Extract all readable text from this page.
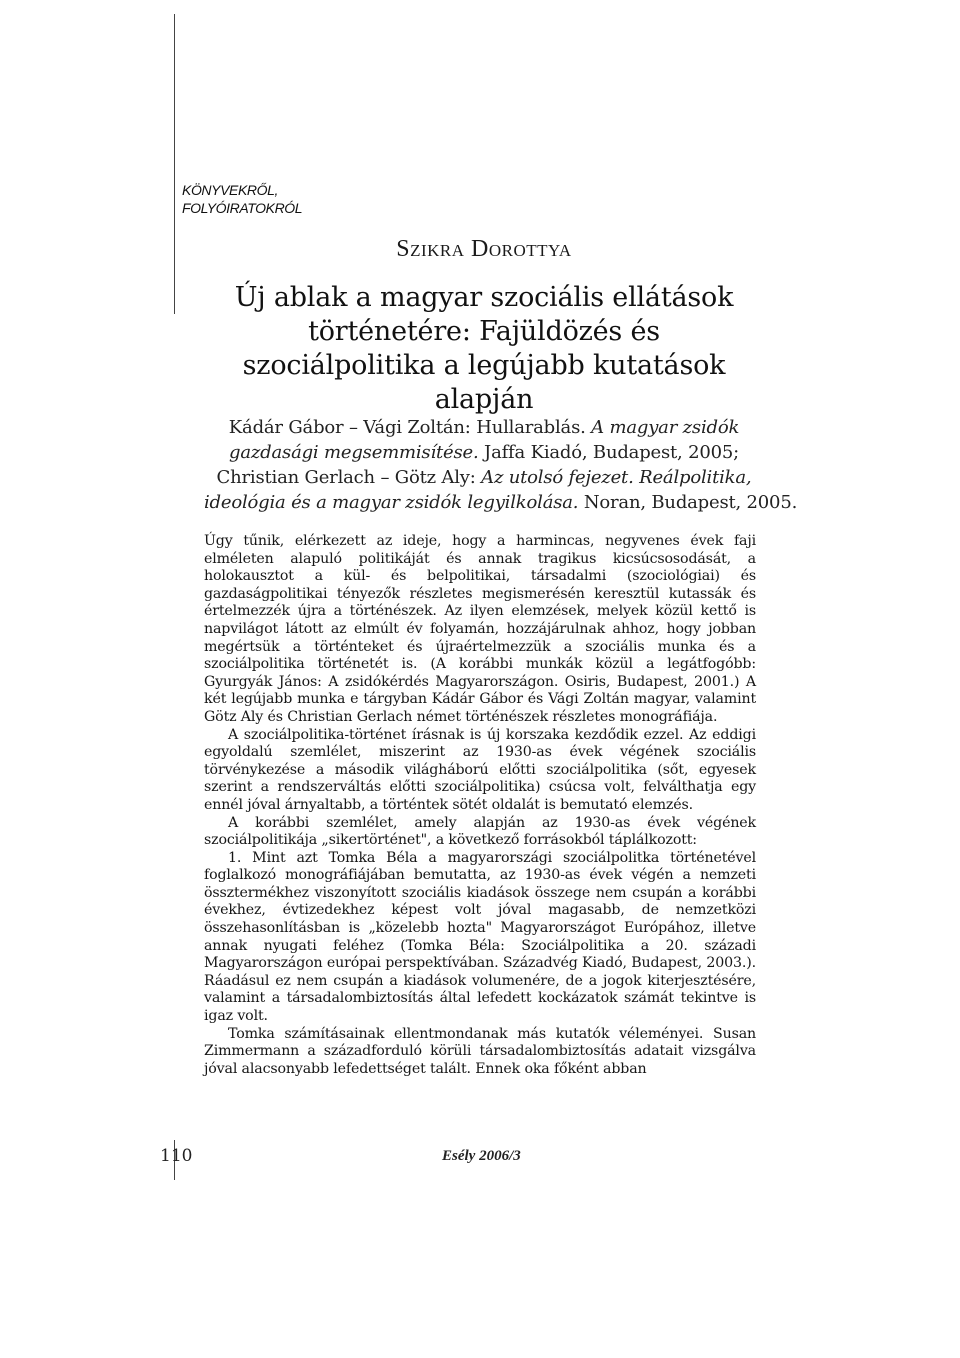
KÖNYVEKRŐL,
FOLYÓIRATOKRÓL
Szikra Dorottya
Új ablak a magyar szociális ellátások
történetére: Fajüldözés és
szociálpolitika a legújabb kutatások
alapján
Kádár Gábor – Vági Zoltán: Hullarablás. A magyar zsidók
gazdasági megsemmisítése. Jaffa Kiadó, Budapest, 2005;
Christian Gerlach – Götz Aly: Az utolsó fejezet. Reálpolitika,
ideológia és a magyar zsidók legyilkolása. Noran, Budapest, 2005.

Úgy tűnik, elérkezett az ideje, hogy a harmincas, negyvenes évek faji elméleten alapuló politikáját és annak tragikus kicsúcsosodását, a holokausztot a kül- és belpolitikai, társadalmi (szociológiai) és gazdaságpolitikai tényezők részletes megismerésén keresztül kutassák és értelmezzék újra a történészek. Az ilyen elemzések, melyek közül kettő is napvilágot látott az elmúlt év folyamán, hozzájárulnak ahhoz, hogy jobban megértsük a történteket és újraértelmezzük a szociális munka és a szociálpolitika történetét is. (A korábbi munkák közül a legátfogóbb: Gyurgyák János: A zsidókérdés Magyarországon. Osiris, Budapest, 2001.) A két legújabb munka e tárgyban Kádár Gábor és Vági Zoltán magyar, valamint Götz Aly és Christian Gerlach német történészek részletes monográfiája.

A szociálpolitika-történet írásnak is új korszaka kezdődik ezzel. Az eddigi egyoldalú szemlélet, miszerint az 1930-as évek végének szociális törvénykezése a második világháború előtti szociálpolitika (sőt, egyesek szerint a rendszerváltás előtti szociálpolitika) csúcsa volt, felválthatja egy ennél jóval árnyaltabb, a történtek sötét oldalát is bemutató elemzés.

A korábbi szemlélet, amely alapján az 1930-as évek végének szociálpolitikája „sikertörténet", a következő forrásokból táplálkozott:

1. Mint azt Tomka Béla a magyarországi szociálpolitka történetével foglalkozó monográfiájában bemutatta, az 1930-as évek végén a nemzeti össztermékhez viszonyított szociális kiadások összege nem csupán a korábbi évekhez, évtizedekhez képest volt jóval magasabb, de nemzetközi összehasonlításban is „közelebb hozta" Magyarországot Európához, illetve annak nyugati feléhez (Tomka Béla: Szociálpolitika a 20. századi Magyarországon európai perspektívában. Századvég Kiadó, Budapest, 2003.). Ráadásul ez nem csupán a kiadások volumenére, de a jogok kiterjesztésére, valamint a társadalombiztosítás által lefedett kockázatok számát tekintve is igaz volt.

Tomka számításainak ellentmondanak más kutatók véleményei. Susan Zimmermann a századforduló körüli társadalombiztosítás adatait vizsgálva jóval alacsonyabb lefedettséget talált. Ennek oka főként abban

110	Esély 2006/3
